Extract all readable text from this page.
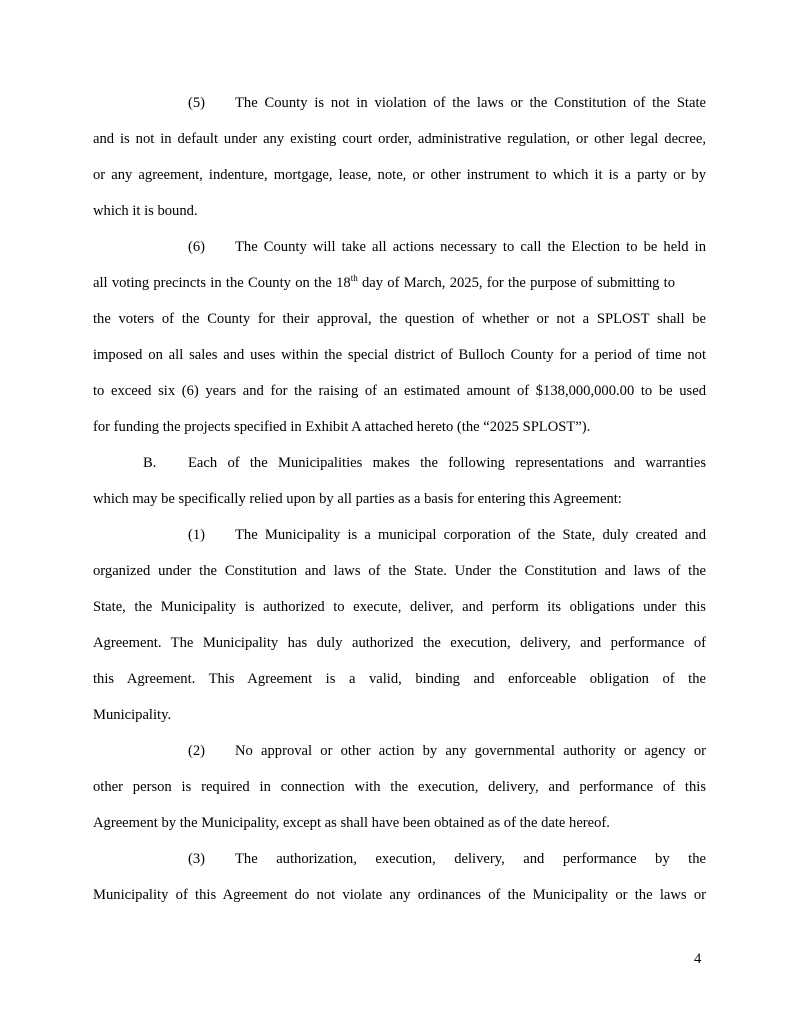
(5) The County is not in violation of the laws or the Constitution of the State
and is not in default under any existing court order, administrative regulation, or other legal decree,
or any agreement, indenture, mortgage, lease, note, or other instrument to which it is a party or by
which it is bound.
(6) The County will take all actions necessary to call the Election to be held in
all voting precincts in the County on the 18th day of March, 2025, for the purpose of submitting to
the voters of the County for their approval, the question of whether or not a SPLOST shall be
imposed on all sales and uses within the special district of Bulloch County for a period of time not
to exceed six (6) years and for the raising of an estimated amount of $138,000,000.00 to be used
for funding the projects specified in Exhibit A attached hereto (the “2025 SPLOST”).
B. Each of the Municipalities makes the following representations and warranties
which may be specifically relied upon by all parties as a basis for entering this Agreement:
(1) The Municipality is a municipal corporation of the State, duly created and
organized under the Constitution and laws of the State. Under the Constitution and laws of the
State, the Municipality is authorized to execute, deliver, and perform its obligations under this
Agreement. The Municipality has duly authorized the execution, delivery, and performance of
this Agreement. This Agreement is a valid, binding and enforceable obligation of the
Municipality.
(2) No approval or other action by any governmental authority or agency or
other person is required in connection with the execution, delivery, and performance of this
Agreement by the Municipality, except as shall have been obtained as of the date hereof.
(3) The authorization, execution, delivery, and performance by the
Municipality of this Agreement do not violate any ordinances of the Municipality or the laws or
4
